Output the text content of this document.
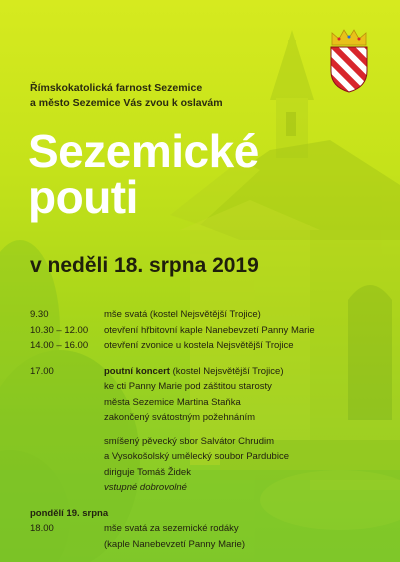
Římskokatolická farnost Sezemice
a město Sezemice Vás zvou k oslavám
Sezemické
pouti
v neděli 18. srpna 2019
9.30	mše svatá (kostel Nejsvětější Trojice)
10.30 – 12.00	otevření hřbitovní kaple Nanebevzetí Panny Marie
14.00 – 16.00	otevření zvonice u kostela Nejsvětější Trojice
17.00	poutní koncert (kostel Nejsvětější Trojice)
ke cti Panny Marie pod záštitou starosty
města Sezemice Martina Staňka
zakončený svátostným požehnáním
smíšený pěvecký sbor Salvátor Chrudim
a Vysokošolský umělecký soubor Pardubice
diriguje Tomáš Židek
vstupné dobrovolné
pondělí 19. srpna
18.00	mše svatá za sezemické rodáky
(kaple Nanebevzetí Panny Marie)
